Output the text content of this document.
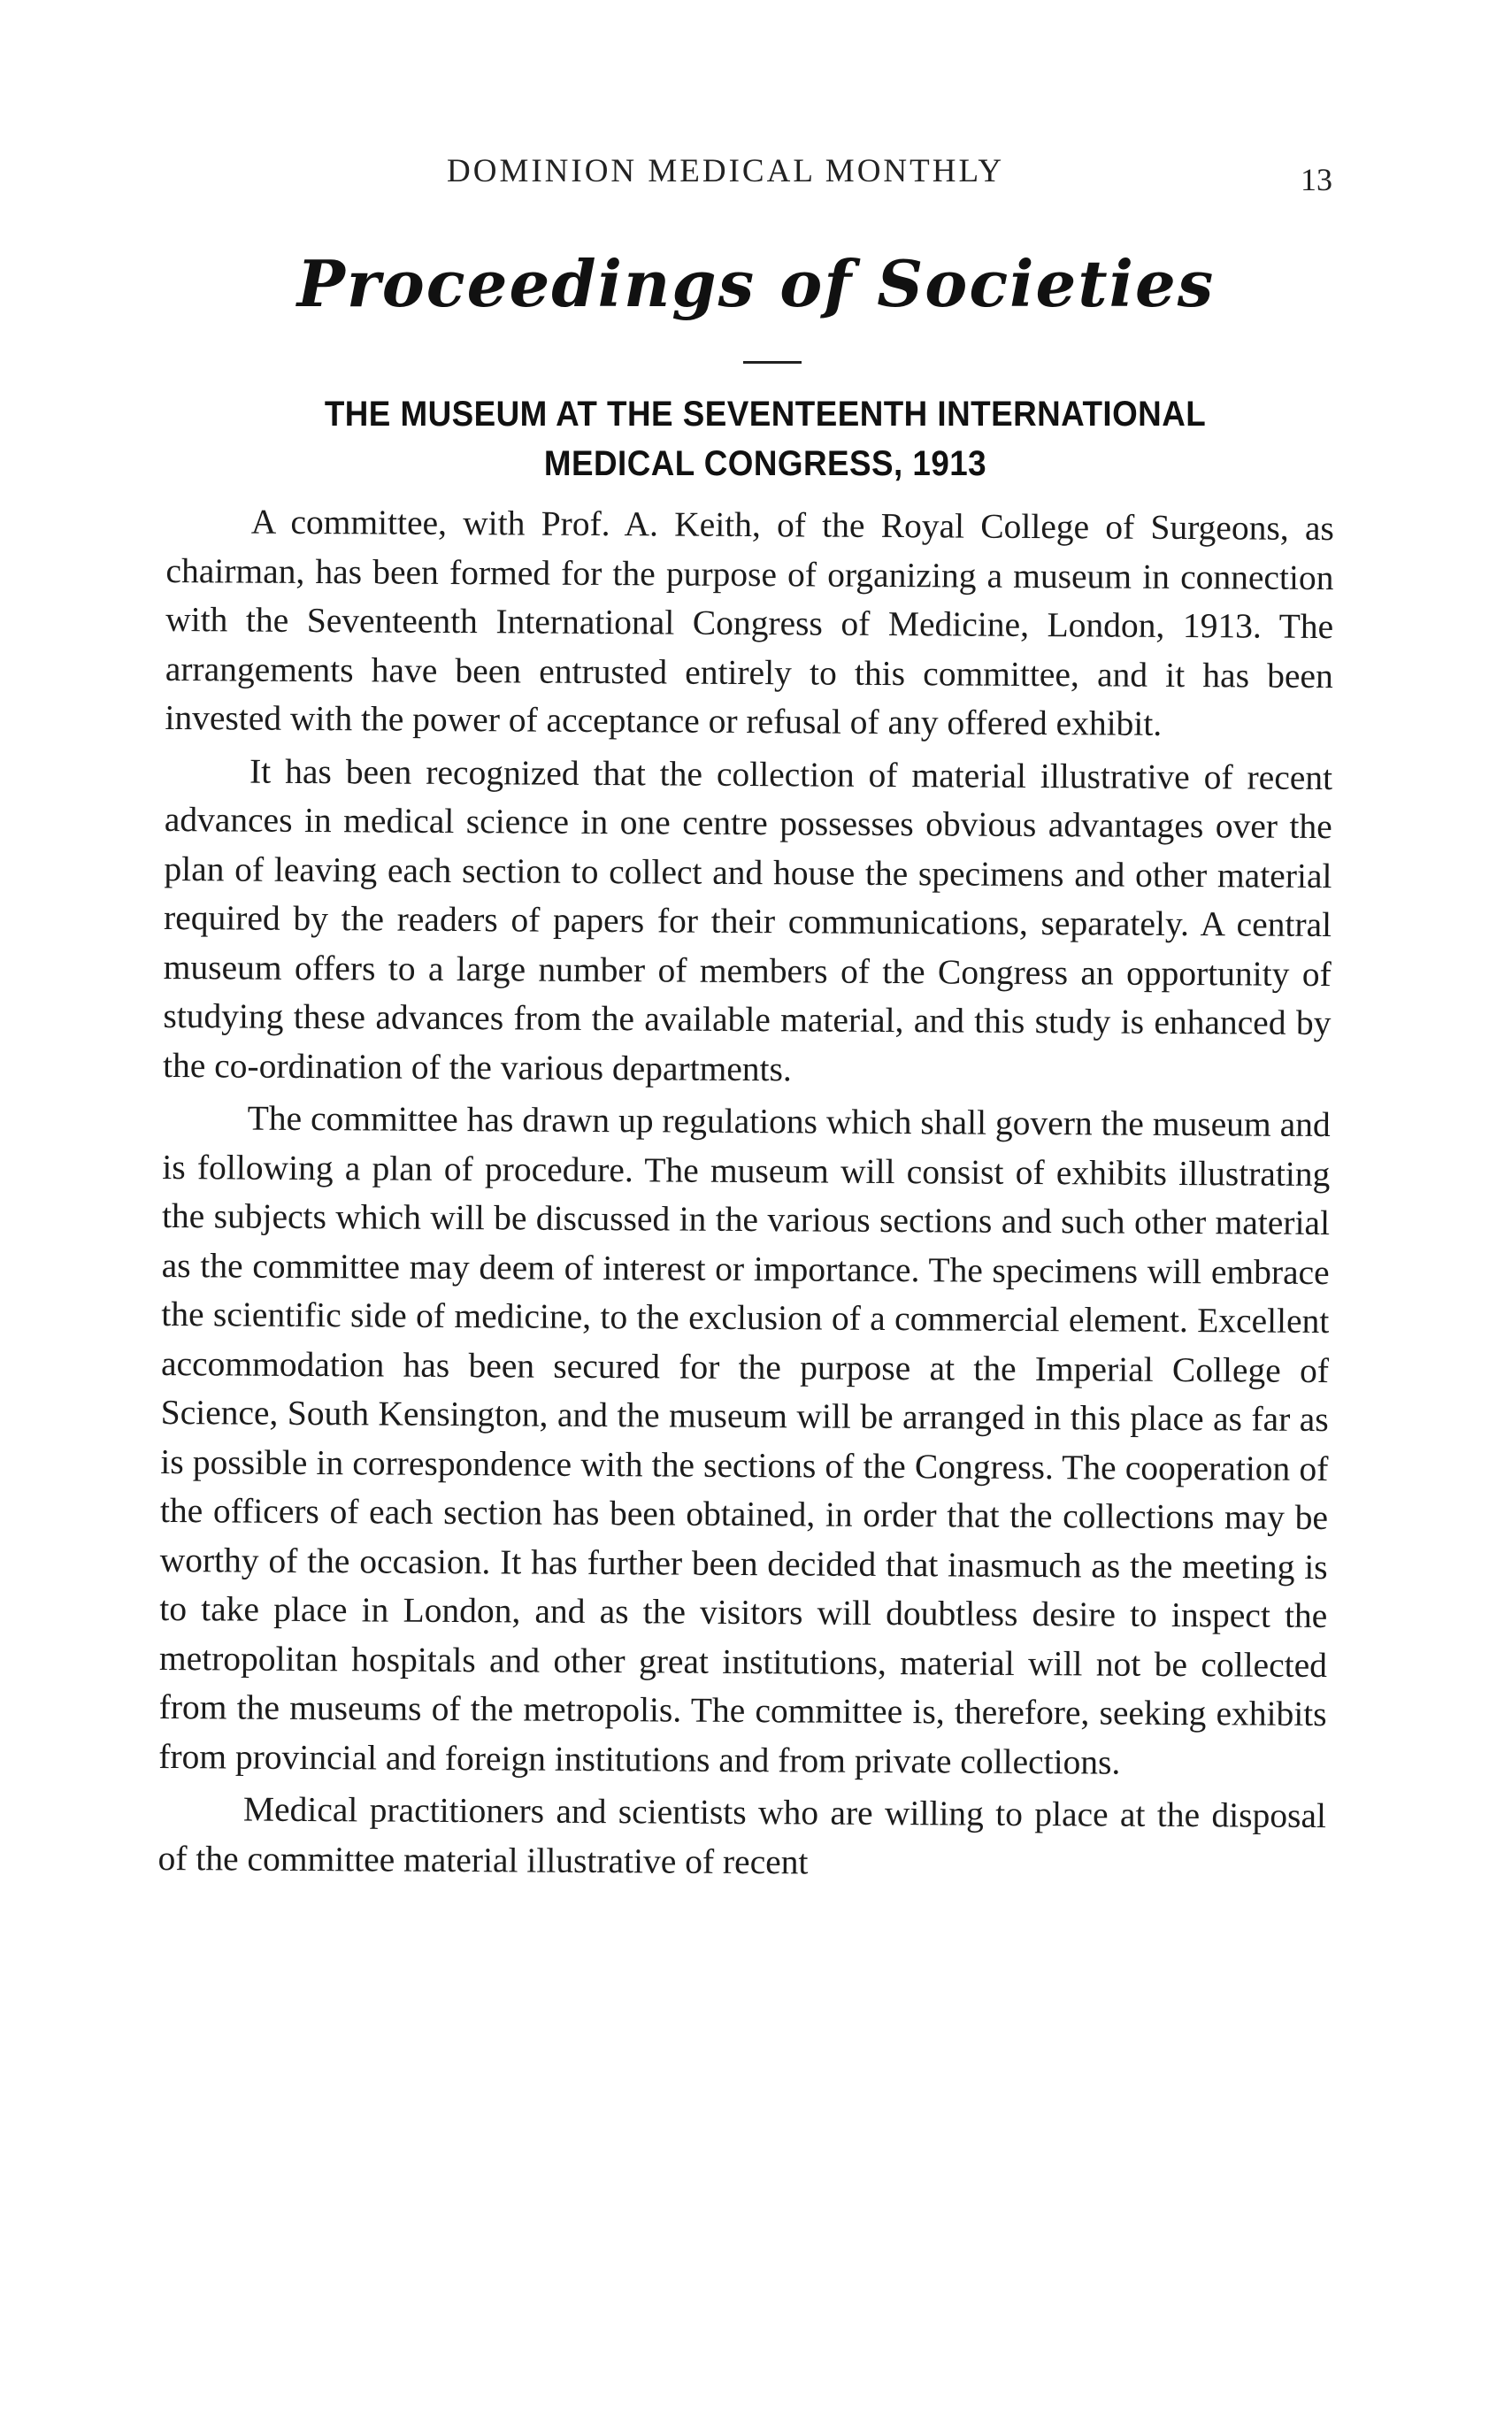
DOMINION MEDICAL MONTHLY	13
Proceedings of Societies
THE MUSEUM AT THE SEVENTEENTH INTERNATIONAL
MEDICAL CONGRESS, 1913

A committee, with Prof. A. Keith, of the Royal College of Surgeons, as chairman, has been formed for the purpose of organizing a museum in connection with the Seventeenth International Congress of Medicine, London, 1913. The arrangements have been entrusted entirely to this committee, and it has been invested with the power of acceptance or refusal of any offered exhibit.

It has been recognized that the collection of material illustrative of recent advances in medical science in one centre possesses obvious advantages over the plan of leaving each section to collect and house the specimens and other material required by the readers of papers for their communications, separately. A central museum offers to a large number of members of the Congress an opportunity of studying these advances from the available material, and this study is enhanced by the co-ordination of the various departments.

The committee has drawn up regulations which shall govern the museum and is following a plan of procedure. The museum will consist of exhibits illustrating the subjects which will be discussed in the various sections and such other material as the committee may deem of interest or importance. The specimens will embrace the scientific side of medicine, to the exclusion of a commercial element. Excellent accommodation has been secured for the purpose at the Imperial College of Science, South Kensington, and the museum will be arranged in this place as far as is possible in correspondence with the sections of the Congress. The cooperation of the officers of each section has been obtained, in order that the collections may be worthy of the occasion. It has further been decided that inasmuch as the meeting is to take place in London, and as the visitors will doubtless desire to inspect the metropolitan hospitals and other great institutions, material will not be collected from the museums of the metropolis. The committee is, therefore, seeking exhibits from provincial and foreign institutions and from private collections.

Medical practitioners and scientists who are willing to place at the disposal of the committee material illustrative of recent
